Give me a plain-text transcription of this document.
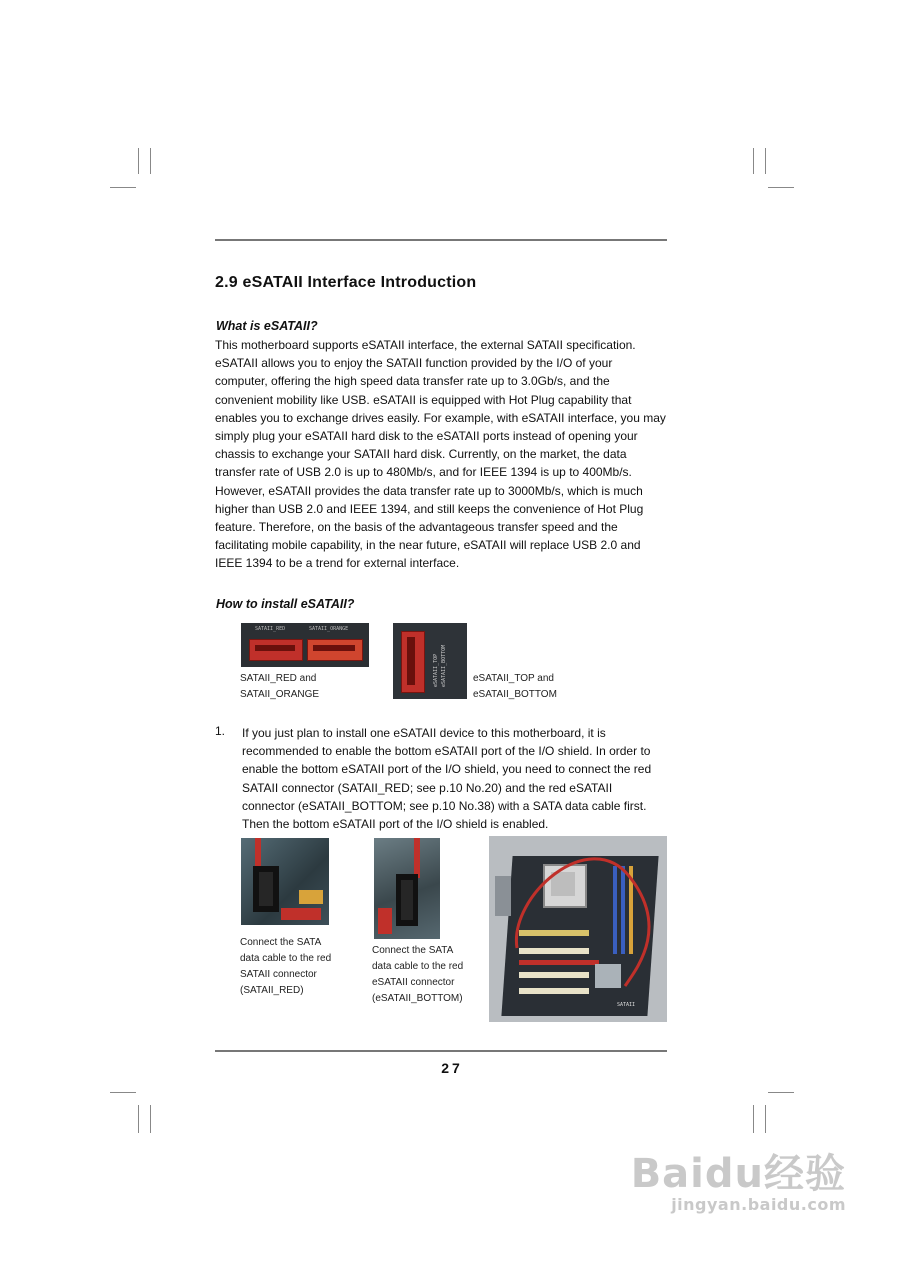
2.9 eSATAII Interface Introduction
What is eSATAII?
This motherboard supports eSATAII interface, the external SATAII specification. eSATAII allows you to enjoy the SATAII function provided by the I/O of your computer, offering the high speed data transfer rate up to 3.0Gb/s, and the convenient mobility like USB. eSATAII is equipped with Hot Plug capability that enables you to exchange drives easily. For example, with eSATAII interface, you may simply plug your eSATAII hard disk to the eSATAII ports instead of opening your chassis to exchange your SATAII hard disk. Currently, on the market, the data transfer rate of USB 2.0 is up to 480Mb/s, and for IEEE 1394 is up to 400Mb/s. However, eSATAII provides the data transfer rate up to 3000Mb/s, which is much higher than USB 2.0 and IEEE 1394, and still keeps the convenience of Hot Plug feature. Therefore, on the basis of the advantageous transfer speed and the facilitating mobile capability, in the near future, eSATAII will replace USB 2.0 and IEEE 1394 to be a trend for external interface.
How to install eSATAII?
SATAII_RED	SATAII_ORANGE
SATAII_RED and
SATAII_ORANGE
eSATAII_TOP eSATAII_BOTTOM	eSATAII_TOP and
eSATAII_BOTTOM
1. If you just plan to install one eSATAII device to this motherboard, it is recommended to enable the bottom eSATAII port of the I/O shield. In order to enable the bottom eSATAII port of the I/O shield, you need to connect the red SATAII connector (SATAII_RED; see p.10 No.20) and the red eSATAII connector (eSATAII_BOTTOM; see p.10 No.38) with a SATA data cable first. Then the bottom eSATAII port of the I/O shield is enabled.
Connect the SATA
data cable to the red
SATAII connector
(SATAII_RED)
Connect the SATA
data cable to the red
eSATAII connector
(eSATAII_BOTTOM)
SATAII
27
Baidu经验
jingyan.baidu.com
